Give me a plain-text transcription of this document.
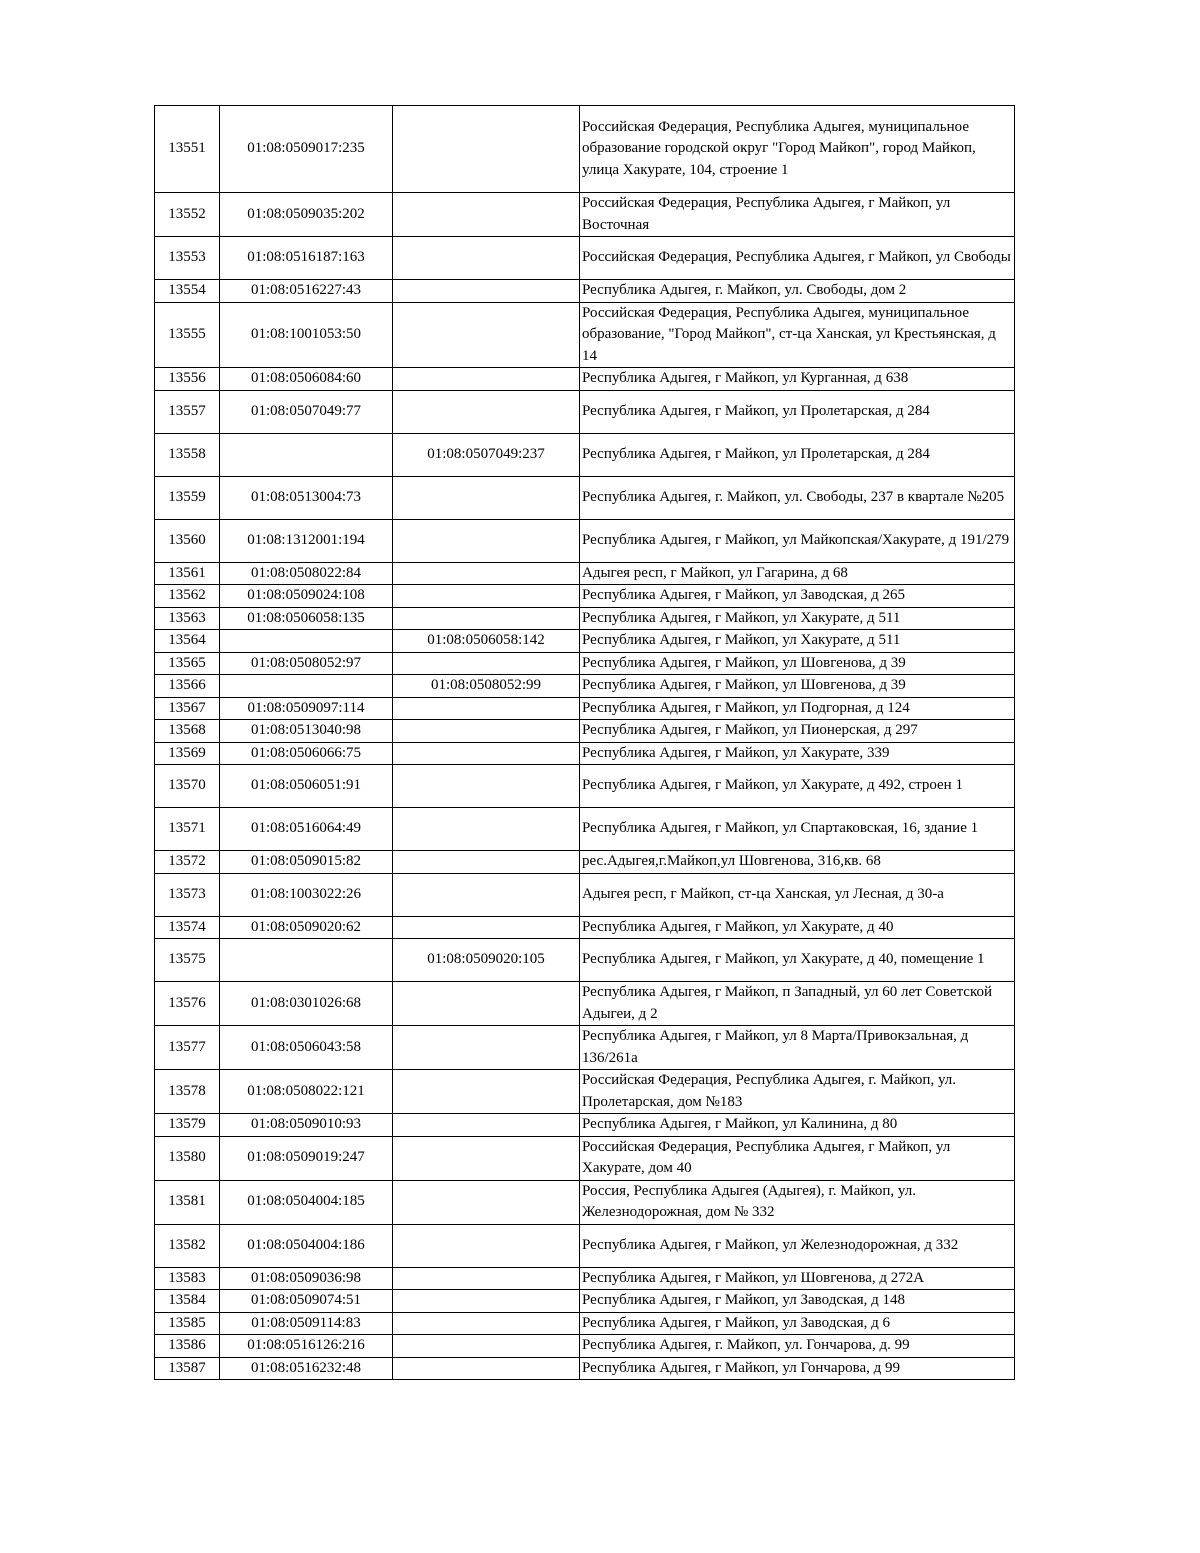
13551	01:08:0509017:235		Российская Федерация, Республика Адыгея, муниципальное образование городской округ "Город Майкоп", город Майкоп, улица Хакурате, 104, строение 1
13552	01:08:0509035:202		Российская Федерация, Республика Адыгея, г Майкоп, ул Восточная
13553	01:08:0516187:163		Российская Федерация, Республика Адыгея, г Майкоп, ул Свободы
13554	01:08:0516227:43		Республика Адыгея, г. Майкоп, ул. Свободы, дом 2
13555	01:08:1001053:50		Российская Федерация, Республика Адыгея, муниципальное образование, "Город Майкоп", ст-ца Ханская, ул Крестьянская, д 14
13556	01:08:0506084:60		Республика Адыгея, г Майкоп, ул Курганная, д 638
13557	01:08:0507049:77		Республика Адыгея, г Майкоп, ул Пролетарская, д 284
13558		01:08:0507049:237	Республика Адыгея, г Майкоп, ул Пролетарская, д 284
13559	01:08:0513004:73		Республика Адыгея, г. Майкоп, ул. Свободы, 237 в квартале №205
13560	01:08:1312001:194		Республика Адыгея, г Майкоп, ул Майкопская/Хакурате, д 191/279
13561	01:08:0508022:84		Адыгея респ, г Майкоп, ул Гагарина, д 68
13562	01:08:0509024:108		Республика Адыгея, г Майкоп, ул Заводская, д 265
13563	01:08:0506058:135		Республика Адыгея, г Майкоп, ул Хакурате, д 511
13564		01:08:0506058:142	Республика Адыгея, г Майкоп, ул Хакурате, д 511
13565	01:08:0508052:97		Республика Адыгея, г Майкоп, ул Шовгенова, д 39
13566		01:08:0508052:99	Республика Адыгея, г Майкоп, ул Шовгенова, д 39
13567	01:08:0509097:114		Республика Адыгея, г Майкоп, ул Подгорная, д 124
13568	01:08:0513040:98		Республика Адыгея, г Майкоп, ул Пионерская, д 297
13569	01:08:0506066:75		Республика Адыгея, г Майкоп, ул Хакурате, 339
13570	01:08:0506051:91		Республика Адыгея, г Майкоп, ул Хакурате, д 492, строен 1
13571	01:08:0516064:49		Республика Адыгея, г Майкоп, ул Спартаковская, 16, здание 1
13572	01:08:0509015:82		рес.Адыгея,г.Майкоп,ул Шовгенова, 316,кв. 68
13573	01:08:1003022:26		Адыгея респ, г Майкоп, ст-ца Ханская, ул Лесная, д 30-а
13574	01:08:0509020:62		Республика Адыгея, г Майкоп, ул Хакурате, д 40
13575		01:08:0509020:105	Республика Адыгея, г Майкоп, ул Хакурате, д 40, помещение 1
13576	01:08:0301026:68		Республика Адыгея, г Майкоп, п Западный, ул 60 лет Советской Адыгеи, д 2
13577	01:08:0506043:58		Республика Адыгея, г Майкоп, ул 8 Марта/Привокзальная, д 136/261а
13578	01:08:0508022:121		Российская Федерация, Республика Адыгея, г. Майкоп, ул. Пролетарская, дом №183
13579	01:08:0509010:93		Республика Адыгея, г Майкоп, ул Калинина, д 80
13580	01:08:0509019:247		Российская Федерация, Республика Адыгея, г Майкоп, ул Хакурате, дом 40
13581	01:08:0504004:185		Россия, Республика Адыгея (Адыгея), г. Майкоп, ул. Железнодорожная, дом № 332
13582	01:08:0504004:186		Республика Адыгея, г Майкоп, ул Железнодорожная, д 332
13583	01:08:0509036:98		Республика Адыгея, г Майкоп, ул Шовгенова, д 272А
13584	01:08:0509074:51		Республика Адыгея, г Майкоп, ул Заводская, д 148
13585	01:08:0509114:83		Республика Адыгея, г Майкоп, ул Заводская, д 6
13586	01:08:0516126:216		Республика Адыгея, г. Майкоп, ул. Гончарова, д. 99
13587	01:08:0516232:48		Республика Адыгея, г Майкоп, ул Гончарова, д 99
